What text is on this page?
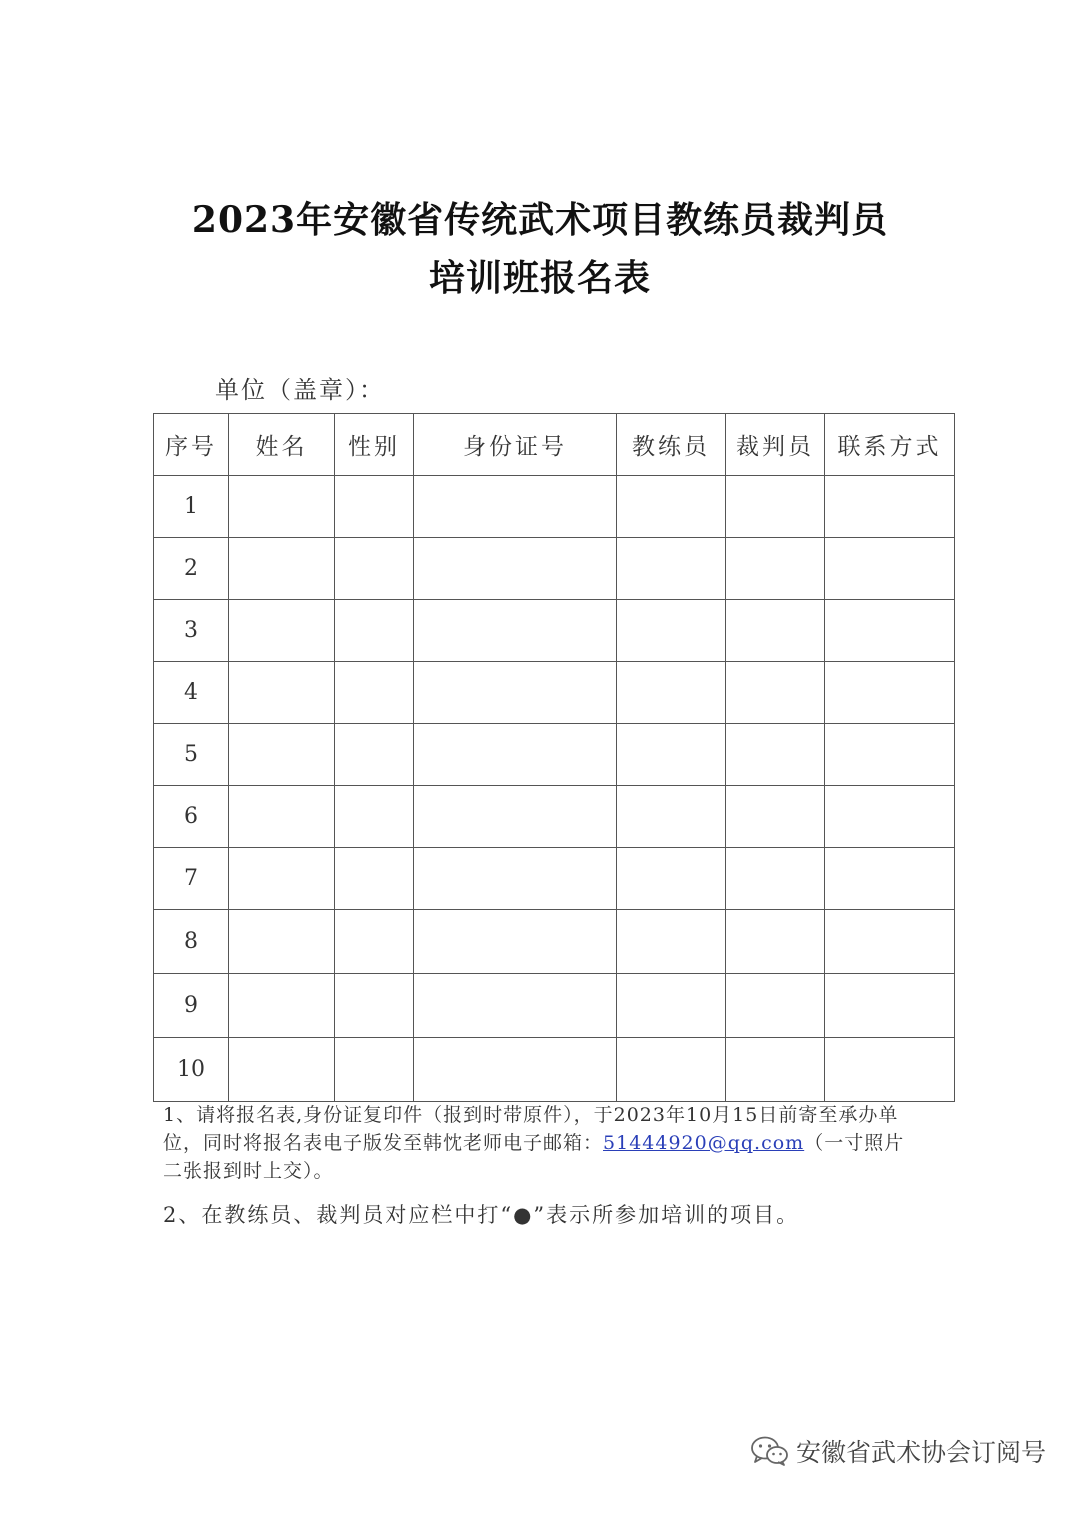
2023年安徽省传统武术项目教练员裁判员
培训班报名表
单位（盖章）：
序号	姓名	性别	身份证号	教练员	裁判员	联系方式
1						
2						
3						
4						
5						
6						
7						
8						
9						
10						
1、请将报名表,身份证复印件（报到时带原件），于2023年10月15日前寄至承办单位，同时将报名表电子版发至韩忱老师电子邮箱：51444920@qq.com（一寸照片二张报到时上交）。
2、在教练员、裁判员对应栏中打“●”表示所参加培训的项目。
安徽省武术协会订阅号
